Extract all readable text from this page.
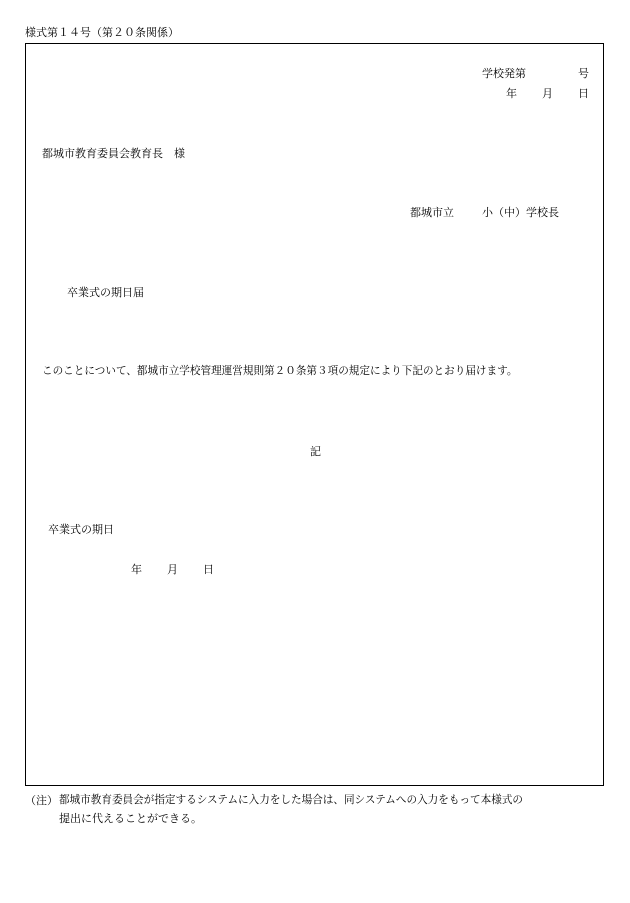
様式第１４号（第２０条関係）
学校発第	号
年 月 日
都城市教育委員会教育長　様
都城市立	小（中）学校長
卒業式の期日届
このことについて、都城市立学校管理運営規則第２０条第３項の規定により下記のとおり届けます。
記
卒業式の期日
年 月 日
（注） 都城市教育委員会が指定するシステムに入力をした場合は、同システムへの入力をもって本様式の
提出に代えることができる。
